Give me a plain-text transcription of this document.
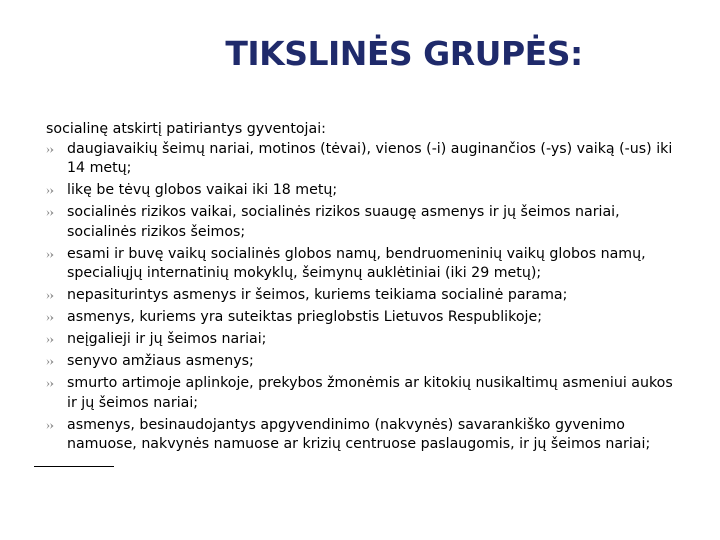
TIKSLINĖS GRUPĖS:

socialinę atskirtį patiriantys gyventojai:

daugiavaikių šeimų nariai, motinos (tėvai), vienos (-i) auginančios (-ys) vaiką (-us) iki 14 metų;
likę be tėvų globos vaikai iki 18 metų;
socialinės rizikos vaikai, socialinės rizikos suaugę asmenys ir jų šeimos nariai, socialinės rizikos šeimos;
esami ir buvę vaikų socialinės globos namų, bendruomeninių vaikų globos namų, specialiųjų internatinių mokyklų, šeimynų auklėtiniai (iki 29 metų);
nepasiturintys asmenys ir šeimos, kuriems teikiama socialinė parama;
asmenys, kuriems yra suteiktas prieglobstis Lietuvos Respublikoje;
neįgalieji ir jų šeimos nariai;
senyvo amžiaus asmenys;
smurto artimoje aplinkoje, prekybos žmonėmis ar kitokių nusikaltimų asmeniui aukos ir jų šeimos nariai;
asmenys, besinaudojantys apgyvendinimo (nakvynės) savarankiško gyvenimo namuose, nakvynės namuose ar krizių centruose paslaugomis, ir jų šeimos nariai;
